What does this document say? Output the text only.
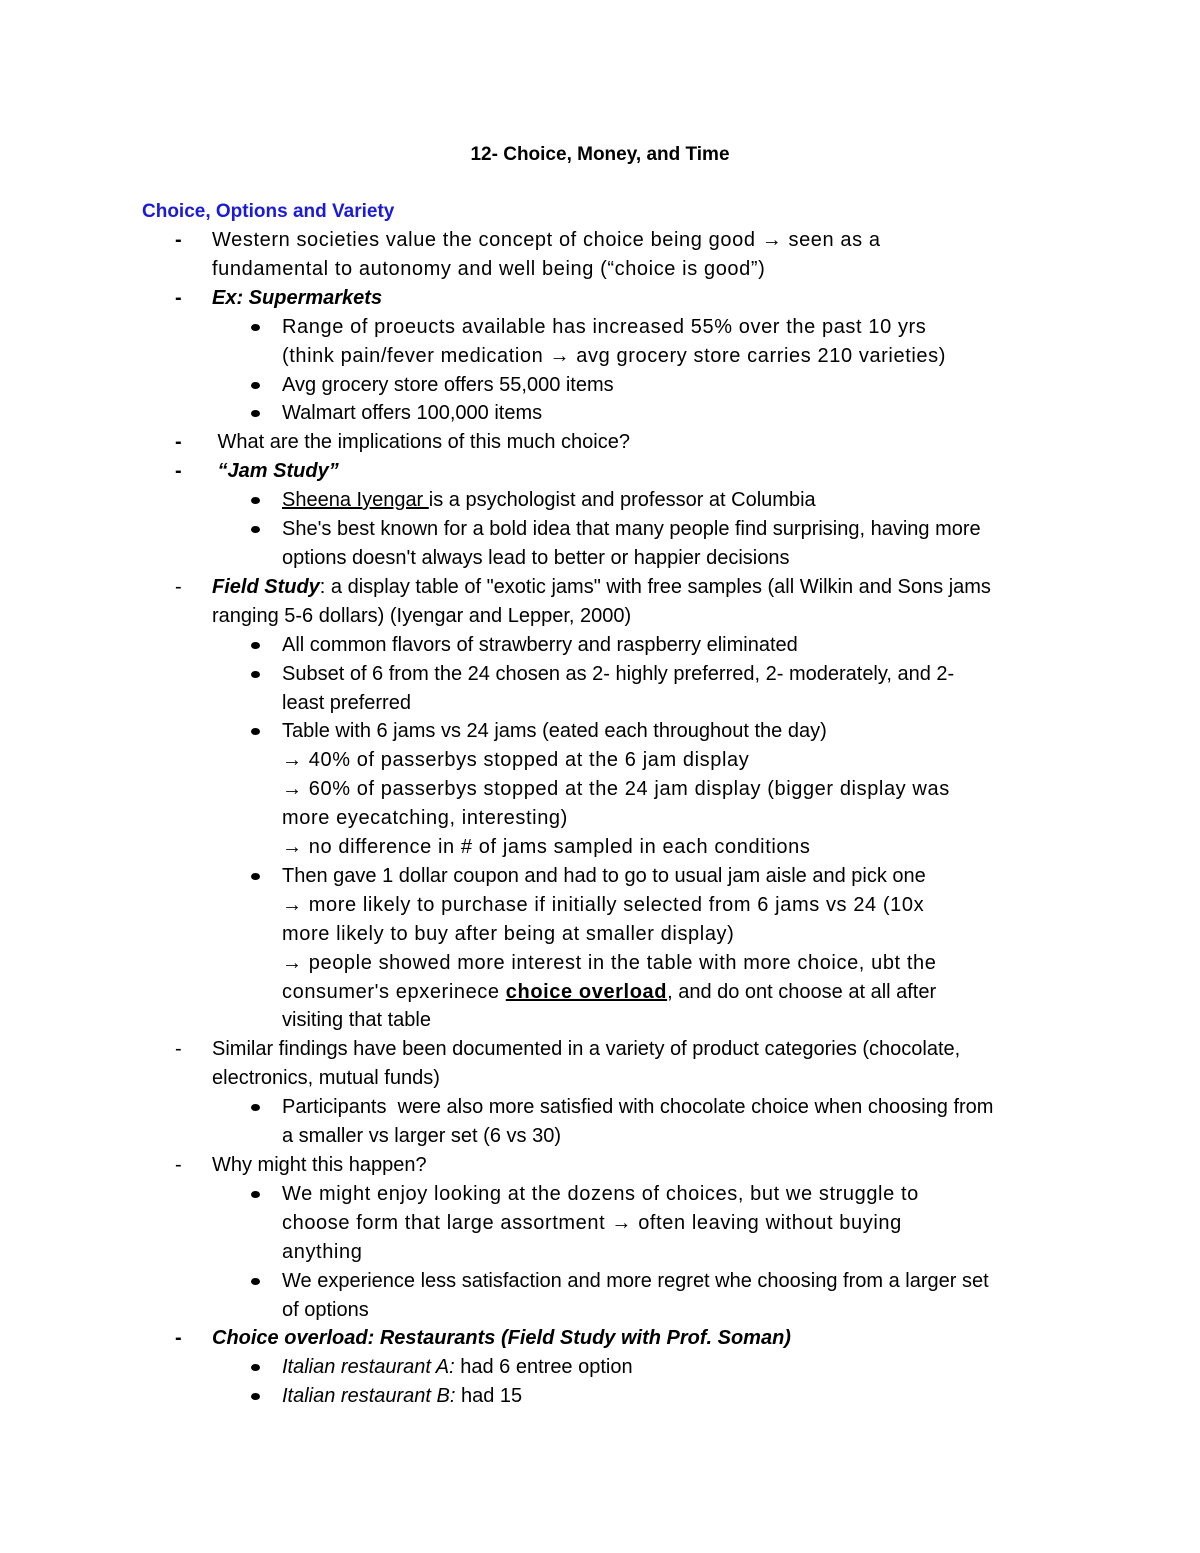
12- Choice, Money, and Time
Choice, Options and Variety
- Western societies value the concept of choice being good → seen as a
fundamental to autonomy and well being (“choice is good”)
- Ex: Supermarkets
Range of proeucts available has increased 55% over the past 10 yrs
(think pain/fever medication → avg grocery store carries 210 varieties)
Avg grocery store offers 55,000 items
Walmart offers 100,000 items
- What are the implications of this much choice?
- “Jam Study”
Sheena Iyengar is a psychologist and professor at Columbia
She's best known for a bold idea that many people find surprising, having more
options doesn't always lead to better or happier decisions
- Field Study: a display table of "exotic jams" with free samples (all Wilkin and Sons jams
ranging 5-6 dollars) (Iyengar and Lepper, 2000)
All common flavors of strawberry and raspberry eliminated
Subset of 6 from the 24 chosen as 2- highly preferred, 2- moderately, and 2-
least preferred
Table with 6 jams vs 24 jams (eated each throughout the day)
→ 40% of passerbys stopped at the 6 jam display
→ 60% of passerbys stopped at the 24 jam display (bigger display was
more eyecatching, interesting)
→ no difference in # of jams sampled in each conditions
Then gave 1 dollar coupon and had to go to usual jam aisle and pick one
→ more likely to purchase if initially selected from 6 jams vs 24 (10x
more likely to buy after being at smaller display)
→ people showed more interest in the table with more choice, ubt the
consumer's epxerinece choice overload, and do ont choose at all after
visiting that table
- Similar findings have been documented in a variety of product categories (chocolate,
electronics, mutual funds)
Participants  were also more satisfied with chocolate choice when choosing from
a smaller vs larger set (6 vs 30)
- Why might this happen?
We might enjoy looking at the dozens of choices, but we struggle to
choose form that large assortment → often leaving without buying
anything
We experience less satisfaction and more regret whe choosing from a larger set
of options
- Choice overload: Restaurants (Field Study with Prof. Soman)
Italian restaurant A: had 6 entree option
Italian restaurant B: had 15
